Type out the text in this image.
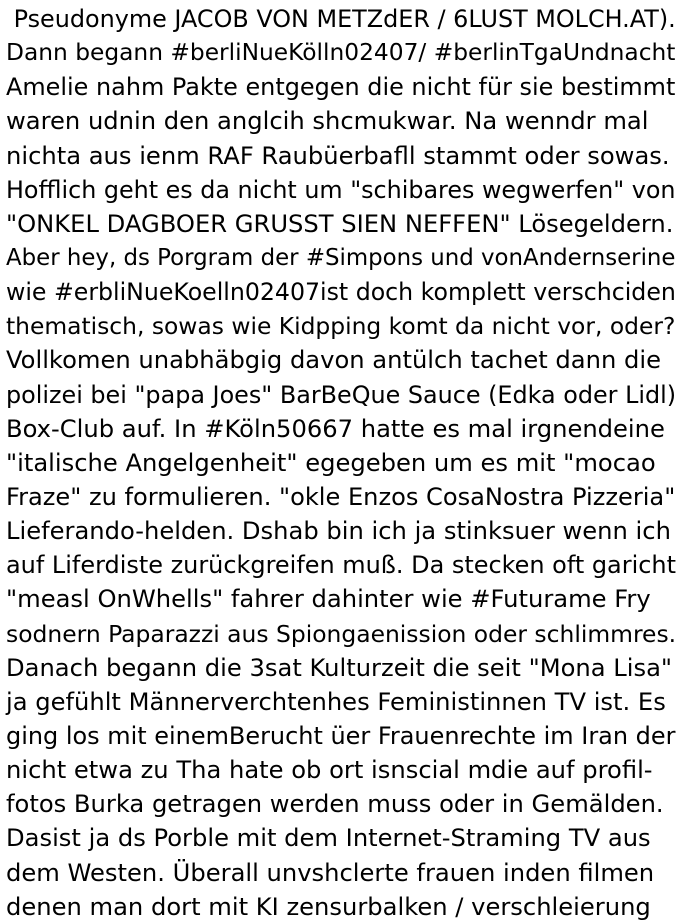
Pseudonyme JACOB VON METZdER / 6LUST MOLCH.AT).
Dann begann #berliNueKölln02407/ #berlinTgaUndnacht
Amelie nahm Pakte entgegen die nicht für sie bestimmt
waren udnin den anglcih shcmukwar. Na wenndr mal
nichta aus ienm RAF Raubüerbafll stammt oder sowas.
Hofflich geht es da nicht um "schibares wegwerfen" von
"ONKEL DAGBOER GRUSST SIEN NEFFEN" Lösegeldern.
Aber hey, ds Porgram der #Simpons und vonAndernserine
wie #erbliNueKoelln02407ist doch komplett verschciden
thematisch, sowas wie Kidpping komt da nicht vor, oder?
Vollkomen unabhäbgig davon antülch tachet dann die
polizei bei "papa Joes" BarBeQue Sauce (Edka oder Lidl)
Box-Club auf. In #Köln50667 hatte es mal irgnendeine
"italische Angelgenheit" egegeben um es mit "mocao
Fraze" zu formulieren. "okle Enzos CosaNostra Pizzeria"
Lieferando-helden. Dshab bin ich ja stinksuer wenn ich
auf Liferdiste zurückgreifen muß. Da stecken oft garicht
"measl OnWhells" fahrer dahinter wie #Futurame Fry
sodnern Paparazzi aus Spiongaenission oder schlimmres.
Danach begann die 3sat Kulturzeit die seit "Mona Lisa"
ja gefühlt Männerverchtenhes Feministinnen TV ist. Es
ging los mit einemBerucht üer Frauenrechte im Iran der
nicht etwa zu Tha hate ob ort isnscial mdie auf profil-
fotos Burka getragen werden muss oder in Gemälden.
Dasist ja ds Porble mit dem Internet-Straming TV aus
dem Westen. Überall unvshclerte frauen inden filmen
denen man dort mit KI zensurbalken / verschleierung
